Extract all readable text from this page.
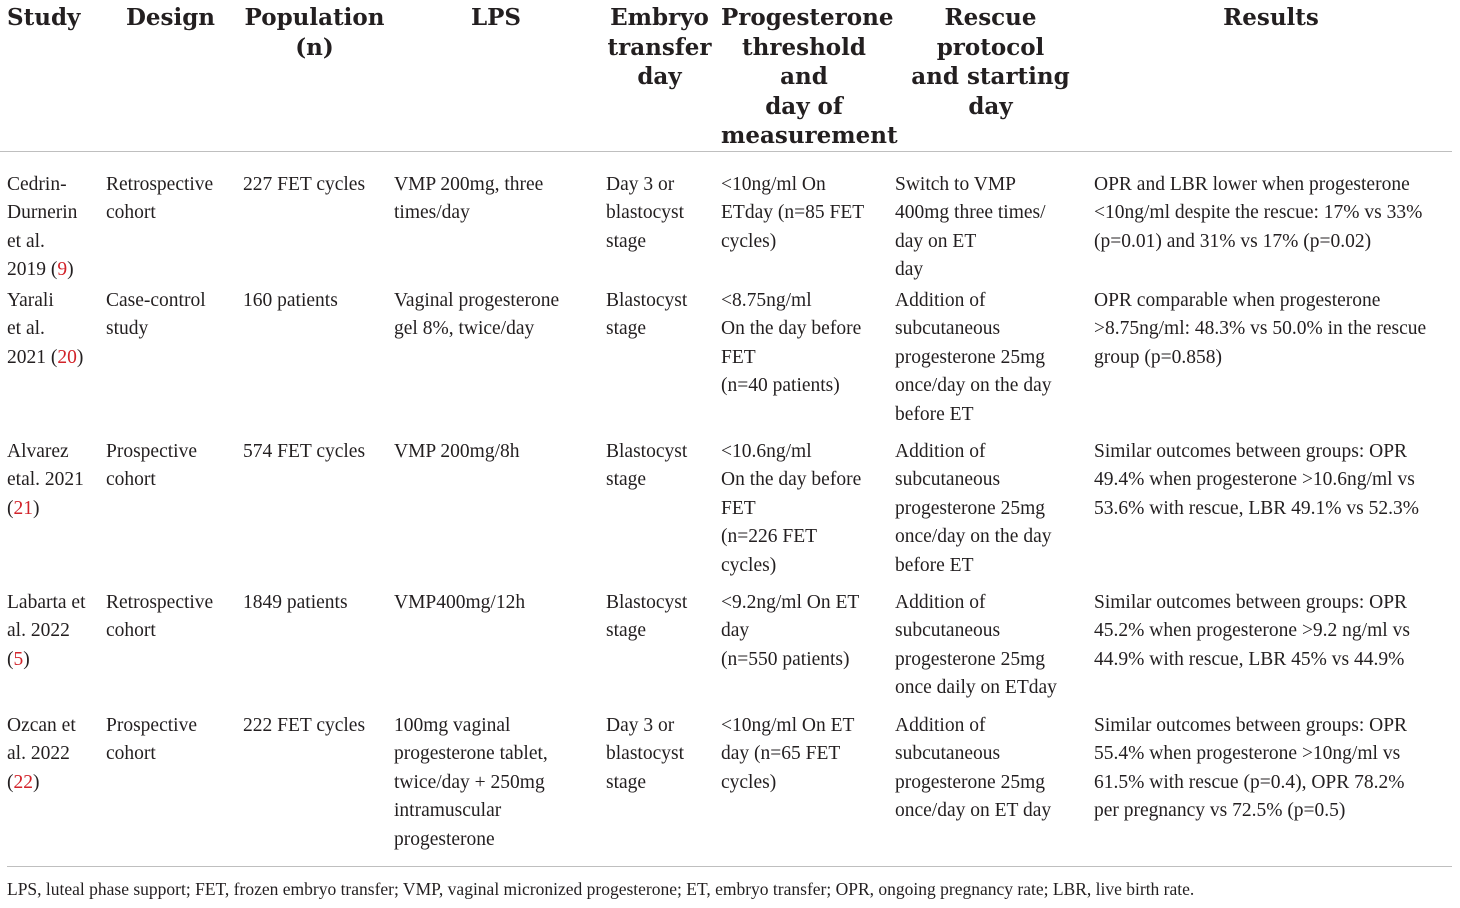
Study	Design	Population
(n)	LPS	Embryo
transfer
day	Progesterone
threshold and
day of
measurement	Rescue protocol
and starting day	Results

Cedrin-
Durnerin
et al.
2019 (9)	Retrospective
cohort	227 FET cycles	VMP 200mg, three
times/day	Day 3 or
blastocyst
stage	<10ng/ml On
ETday (n=85 FET
cycles)	Switch to VMP
400mg three times/
day on ET
day	OPR and LBR lower when progesterone
<10ng/ml despite the rescue: 17% vs 33%
(p=0.01) and 31% vs 17% (p=0.02)

Yarali
et al.
2021 (20)	Case-control
study	160 patients	Vaginal progesterone
gel 8%, twice/day	Blastocyst
stage	<8.75ng/ml
On the day before
FET
(n=40 patients)	Addition of
subcutaneous
progesterone 25mg
once/day on the day
before ET	OPR comparable when progesterone
>8.75ng/ml: 48.3% vs 50.0% in the rescue
group (p=0.858)

Alvarez
etal. 2021
(21)	Prospective
cohort	574 FET cycles	VMP 200mg/8h	Blastocyst
stage	<10.6ng/ml
On the day before
FET
(n=226 FET
cycles)	Addition of
subcutaneous
progesterone 25mg
once/day on the day
before ET	Similar outcomes between groups: OPR
49.4% when progesterone >10.6ng/ml vs
53.6% with rescue, LBR 49.1% vs 52.3%

Labarta et
al. 2022
(5)	Retrospective
cohort	1849 patients	VMP400mg/12h	Blastocyst
stage	<9.2ng/ml On ET
day
(n=550 patients)	Addition of
subcutaneous
progesterone 25mg
once daily on ETday	Similar outcomes between groups: OPR
45.2% when progesterone >9.2 ng/ml vs
44.9% with rescue, LBR 45% vs 44.9%

Ozcan et
al. 2022
(22)	Prospective
cohort	222 FET cycles	100mg vaginal
progesterone tablet,
twice/day + 250mg
intramuscular
progesterone	Day 3 or
blastocyst
stage	<10ng/ml On ET
day (n=65 FET
cycles)	Addition of
subcutaneous
progesterone 25mg
once/day on ET day	Similar outcomes between groups: OPR
55.4% when progesterone >10ng/ml vs
61.5% with rescue (p=0.4), OPR 78.2%
per pregnancy vs 72.5% (p=0.5)
LPS, luteal phase support; FET, frozen embryo transfer; VMP, vaginal micronized progesterone; ET, embryo transfer; OPR, ongoing pregnancy rate; LBR, live birth rate.
